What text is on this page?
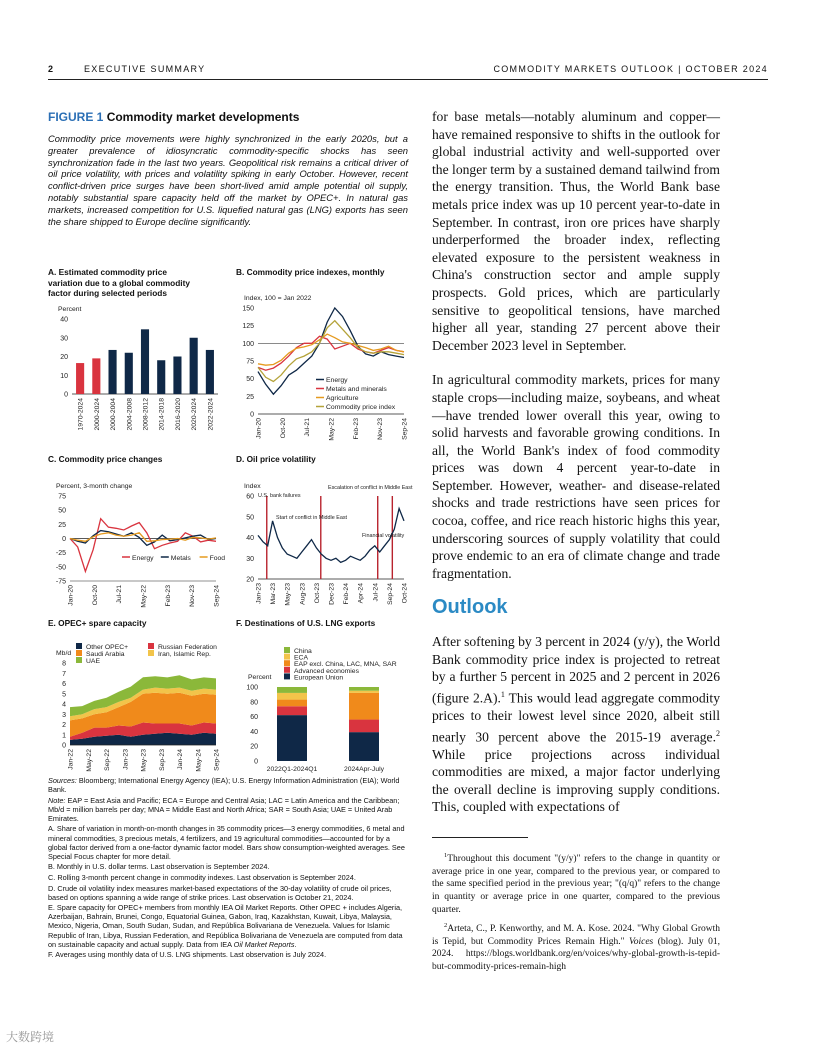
2	EXECUTIVE SUMMARY	COMMODITY MARKETS OUTLOOK | OCTOBER 2024
FIGURE 1 Commodity market developments

Commodity price movements were highly synchronized in the early 2020s, but a greater prevalence of idiosyncratic commodity-specific shocks has seen synchronization fade in the last two years. Geopolitical risk remains a critical driver of oil price volatility, with prices and volatility spiking in early October. However, recent conflict-driven price surges have been short-lived amid ample potential oil supply, notably substantial spare capacity held off the market by OPEC+. In natural gas markets, increased competition for U.S. liquefied natural gas (LNG) exports has seen the share shipped to Europe decline significantly.

A. Estimated commodity price variation due to a global commodity factor during selected periods
0
10
20
30
40
Percent
1970-2024 2000-2024 2000-2004 2004-2008 2008-2012 2014-2018 2016-2020 2020-2024 2022-2024
B. Commodity price indexes, monthly
0
25
50
75
100
125
150
Index, 100 = Jan 2022
Jan-20	Oct-20	Jul-21	May-22	Feb-23	Nov-23	Sep-24
Energy
Metals and minerals
Agriculture
Commodity price index
C. Commodity price changes
-75
-50
-25
0
25
50
75
Percent, 3-month change
Jan-20	Oct-20	Jul-21	May-22	Feb-23	Nov-23	Sep-24
Energy	Metals	Food
D. Oil price volatility
20
30
40
50
60
Index
Jan-23 Mar-23 May-23 Aug-23 Oct-23 Dec-23 Feb-24 Apr-24 Jul-24 Sep-24 Oct-24
U.S. bank failures
Start of conflict in Middle East
Escalation of conflict in Middle East
Financial volatility
E. OPEC+ spare capacity
0
1
2
3
4
5
6
7
8
Mb/d
Jan-22 May-22 Sep-22 Jan-23 May-23 Sep-23 Jan-24 May-24 Sep-24
Other OPEC+
Saudi Arabia
UAE
Russian Federation
Iran, Islamic Rep.
F. Destinations of U.S. LNG exports
0
20
40
60
80
100
Percent
2022Q1-2024Q1	2024Apr-July
China
ECA
EAP excl. China, LAC, MNA, SAR
Advanced economies
European Union

Sources: Bloomberg; International Energy Agency (IEA); U.S. Energy Information Administration (EIA); World Bank.

Note: EAP = East Asia and Pacific; ECA = Europe and Central Asia; LAC = Latin America and the Caribbean; Mb/d = million barrels per day; MNA = Middle East and North Africa; SAR = South Asia; UAE = United Arab Emirates.

A. Share of variation in month-on-month changes in 35 commodity prices—3 energy commodities, 6 metal and mineral commodities, 3 precious metals, 4 fertilizers, and 19 agricultural commodities—accounted for by a global factor derived from a one-factor dynamic factor model. Bars show consumption-weighted averages. See Special Focus chapter for more detail.

B. Monthly in U.S. dollar terms. Last observation is September 2024.

C. Rolling 3-month percent change in commodity indexes. Last observation is September 2024.

D. Crude oil volatility index measures market-based expectations of the 30-day volatility of crude oil prices, based on options spanning a wide range of strike prices. Last observation is October 21, 2024.

E. Spare capacity for OPEC+ members from monthly IEA Oil Market Reports. Other OPEC + includes Algeria, Azerbaijan, Bahrain, Brunei, Congo, Equatorial Guinea, Gabon, Iraq, Kazakhstan, Kuwait, Libya, Malaysia, Mexico, Nigeria, Oman, South Sudan, Sudan, and República Bolivariana de Venezuela. Values for Islamic Republic of Iran, Libya, Russian Federation, and República Bolivariana de Venezuela are computed from data on sustainable capacity and actual supply. Data from IEA Oil Market Reports.

F. Averages using monthly data of U.S. LNG shipments. Last observation is July 2024.

for base metals—notably aluminum and copper—have remained responsive to shifts in the outlook for global industrial activity and well-supported over the longer term by a sustained demand tailwind from the energy transition. Thus, the World Bank base metals price index was up 10 percent year-to-date in September. In contrast, iron ore prices have sharply underperformed the broader index, reflecting elevated exposure to the persistent weakness in China's construction sector and ample supply prospects. Gold prices, which are particularly sensitive to geopolitical tensions, have marched higher all year, standing 27 percent above their December 2023 level in September.

In agricultural commodity markets, prices for many staple crops—including maize, soybeans, and wheat—have trended lower overall this year, owing to solid harvests and favorable growing conditions. In all, the World Bank's index of food commodity prices was down 4 percent year-to-date in September. However, weather- and disease-related shocks and trade restrictions have seen prices for cocoa, coffee, and rice reach historic highs this year, underscoring sources of supply volatility that could prove endemic to an era of climate change and trade fragmentation.

Outlook

After softening by 3 percent in 2024 (y/y), the World Bank commodity price index is projected to retreat by a further 5 percent in 2025 and 2 percent in 2026 (figure 2.A).$^1$ This would lead aggregate commodity prices to their lowest level since 2020, albeit still nearly 30 percent above the 2015-19 average.$^2$ While price projections across individual commodities are mixed, a major factor underlying the overall decline is improving supply conditions. This, coupled with expectations of

$^1$Throughout this document "(y/y)" refers to the change in quantity or average price in one year, compared to the previous year, or compared to the same specified period in the previous year; "(q/q)" refers to the change in quantity or average price in one quarter, compared to the previous quarter.

$^2$Arteta, C., P. Kenworthy, and M. A. Kose. 2024. "Why Global Growth is Tepid, but Commodity Prices Remain High." Voices (blog). July 01, 2024. https://blogs.worldbank.org/en/voices/why-global-growth-is-tepid-but-commodity-prices-remain-high

大数跨境
